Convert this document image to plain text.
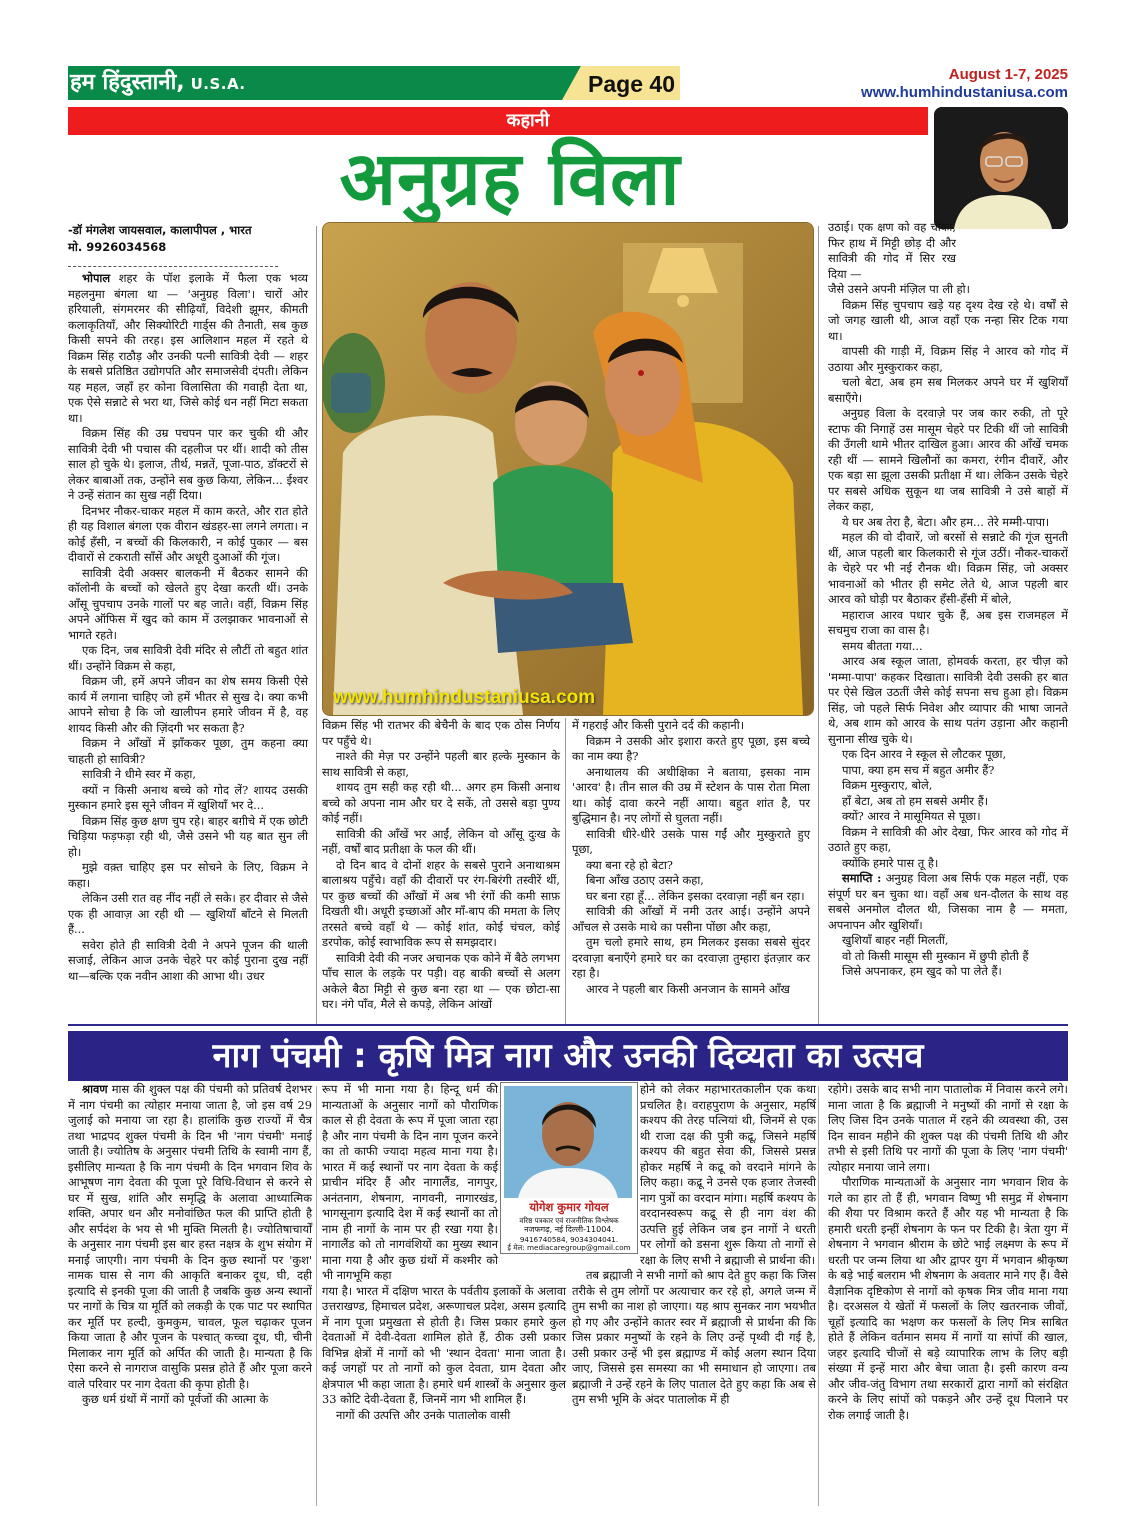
हम हिंदुस्तानी, U.S.A.	Page 40	August 1-7, 2025
www.humhindustaniusa.com
कहानी
अनुग्रह विला
-डॉ मंगलेश जायसवाल, कालापीपल , भारत
मो. 9926034568

भोपाल शहर के पॉश इलाके में फैला एक भव्य महलनुमा बंगला था — 'अनुग्रह विला'। चारों ओर हरियाली, संगमरमर की सीढ़ियाँ, विदेशी झूमर, कीमती कलाकृतियाँ, और सिक्योरिटी गार्ड्स की तैनाती, सब कुछ किसी सपने की तरह। इस आलिशान महल में रहते थे विक्रम सिंह राठौड़ और उनकी पत्नी सावित्री देवी — शहर के सबसे प्रतिष्ठित उद्योगपति और समाजसेवी दंपती। लेकिन यह महल, जहाँ हर कोना विलासिता की गवाही देता था, एक ऐसे सन्नाटे से भरा था, जिसे कोई धन नहीं मिटा सकता था।

विक्रम सिंह की उम्र पचपन पार कर चुकी थी और सावित्री देवी भी पचास की दहलीज पर थीं। शादी को तीस साल हो चुके थे। इलाज, तीर्थ, मन्नतें, पूजा-पाठ, डॉक्टरों से लेकर बाबाओं तक, उन्होंने सब कुछ किया, लेकिन... ईश्वर ने उन्हें संतान का सुख नहीं दिया।

दिनभर नौकर-चाकर महल में काम करते, और रात होते ही यह विशाल बंगला एक वीरान खंडहर-सा लगने लगता। न कोई हँसी, न बच्चों की किलकारी, न कोई पुकार — बस दीवारों से टकराती साँसें और अधूरी दुआओं की गूंज।

सावित्री देवी अक्सर बालकनी में बैठकर सामने की कॉलोनी के बच्चों को खेलते हुए देखा करती थीं। उनके आँसू चुपचाप उनके गालों पर बह जाते। वहीं, विक्रम सिंह अपने ऑफिस में खुद को काम में उलझाकर भावनाओं से भागते रहते।

एक दिन, जब सावित्री देवी मंदिर से लौटीं तो बहुत शांत थीं। उन्होंने विक्रम से कहा,

विक्रम जी, हमें अपने जीवन का शेष समय किसी ऐसे कार्य में लगाना चाहिए जो हमें भीतर से सुख दे। क्या कभी आपने सोचा है कि जो खालीपन हमारे जीवन में है, वह शायद किसी और की ज़िंदगी भर सकता है?

विक्रम ने आँखों में झाँककर पूछा, तुम कहना क्या चाहती हो सावित्री?

सावित्री ने धीमे स्वर में कहा,

क्यों न किसी अनाथ बच्चे को गोद लें? शायद उसकी मुस्कान हमारे इस सूने जीवन में खुशियाँ भर दे...

विक्रम सिंह कुछ क्षण चुप रहे। बाहर बग़ीचे में एक छोटी चिड़िया फड़फड़ा रही थी, जैसे उसने भी यह बात सुन ली हो।

मुझे वक़्त चाहिए इस पर सोचने के लिए, विक्रम ने कहा।

लेकिन उसी रात वह नींद नहीं ले सके। हर दीवार से जैसे एक ही आवाज़ आ रही थी — खुशियाँ बाँटने से मिलती हैं...

सवेरा होते ही सावित्री देवी ने अपने पूजन की थाली सजाई, लेकिन आज उनके चेहरे पर कोई पुराना दुख नहीं था—बल्कि एक नवीन आशा की आभा थी। उधर

www.humhindustaniusa.com

विक्रम सिंह भी रातभर की बेचैनी के बाद एक ठोस निर्णय पर पहुँचे थे।

नाश्ते की मेज़ पर उन्होंने पहली बार हल्के मुस्कान के साथ सावित्री से कहा,

शायद तुम सही कह रही थी... अगर हम किसी अनाथ बच्चे को अपना नाम और घर दे सकें, तो उससे बड़ा पुण्य कोई नहीं।

सावित्री की आँखें भर आईं, लेकिन वो आँसू दुःख के नहीं, वर्षों बाद प्रतीक्षा के फल की थीं।

दो दिन बाद वे दोनों शहर के सबसे पुराने अनाथाश्रम बालाश्रय पहुँचे। वहाँ की दीवारों पर रंग-बिरंगी तस्वीरें थीं, पर कुछ बच्चों की आँखों में अब भी रंगों की कमी साफ़ दिखती थी। अधूरी इच्छाओं और माँ-बाप की ममता के लिए तरसते बच्चे वहाँ थे — कोई शांत, कोई चंचल, कोई डरपोक, कोई स्वाभाविक रूप से समझदार।

सावित्री देवी की नजर अचानक एक कोने में बैठे लगभग पाँच साल के लड़के पर पड़ी। वह बाकी बच्चों से अलग अकेले बैठा मिट्टी से कुछ बना रहा था — एक छोटा-सा घर। नंगे पाँव, मैले से कपड़े, लेकिन आंखों

में गहराई और किसी पुराने दर्द की कहानी।

विक्रम ने उसकी ओर इशारा करते हुए पूछा, इस बच्चे का नाम क्या है?

अनाथालय की अधीक्षिका ने बताया, इसका नाम 'आरव' है। तीन साल की उम्र में स्टेशन के पास रोता मिला था। कोई दावा करने नहीं आया। बहुत शांत है, पर बुद्धिमान है। नए लोगों से घुलता नहीं।

सावित्री धीरे-धीरे उसके पास गईं और मुस्कुराते हुए पूछा,

क्या बना रहे हो बेटा?

बिना आँख उठाए उसने कहा,

घर बना रहा हूँ... लेकिन इसका दरवाज़ा नहीं बन रहा।

सावित्री की आँखों में नमी उतर आई। उन्होंने अपने आँचल से उसके माथे का पसीना पोंछा और कहा,

तुम चलो हमारे साथ, हम मिलकर इसका सबसे सुंदर दरवाज़ा बनाएँगे हमारे घर का दरवाज़ा तुम्हारा इंतज़ार कर रहा है।

आरव ने पहली बार किसी अनजान के सामने आँख

उठाई। एक क्षण को वह चौंका, फिर हाथ में मिट्टी छोड़ दी और सावित्री की गोद में सिर रख दिया —

जैसे उसने अपनी मंज़िल पा ली हो।

विक्रम सिंह चुपचाप खड़े यह दृश्य देख रहे थे। वर्षों से जो जगह खाली थी, आज वहाँ एक नन्हा सिर टिक गया था।

वापसी की गाड़ी में, विक्रम सिंह ने आरव को गोद में उठाया और मुस्कुराकर कहा,

चलो बेटा, अब हम सब मिलकर अपने घर में खुशियाँ बसाएँगे।

अनुग्रह विला के दरवाज़े पर जब कार रुकी, तो पूरे स्टाफ की निगाहें उस मासूम चेहरे पर टिकी थीं जो सावित्री की उँगली थामे भीतर दाखिल हुआ। आरव की आँखें चमक रही थीं — सामने खिलौनों का कमरा, रंगीन दीवारें, और एक बड़ा सा झूला उसकी प्रतीक्षा में था। लेकिन उसके चेहरे पर सबसे अधिक सुकून था जब सावित्री ने उसे बाहों में लेकर कहा,

ये घर अब तेरा है, बेटा। और हम... तेरे मम्मी-पापा।

महल की वो दीवारें, जो बरसों से सन्नाटे की गूंज सुनती थीं, आज पहली बार किलकारी से गूंज उठीं। नौकर-चाकरों के चेहरे पर भी नई रौनक थी। विक्रम सिंह, जो अक्सर भावनाओं को भीतर ही समेट लेते थे, आज पहली बार आरव को घोड़ी पर बैठाकर हँसी-हँसी में बोले,

महाराज आरव पधार चुके हैं, अब इस राजमहल में सचमुच राजा का वास है।

समय बीतता गया...

आरव अब स्कूल जाता, होमवर्क करता, हर चीज़ को 'मम्मा-पापा' कहकर दिखाता। सावित्री देवी उसकी हर बात पर ऐसे खिल उठतीं जैसे कोई सपना सच हुआ हो। विक्रम सिंह, जो पहले सिर्फ निवेश और व्यापार की भाषा जानते थे, अब शाम को आरव के साथ पतंग उड़ाना और कहानी सुनाना सीख चुके थे।

एक दिन आरव ने स्कूल से लौटकर पूछा,

पापा, क्या हम सच में बहुत अमीर हैं?

विक्रम मुस्कुराए, बोले,

हाँ बेटा, अब तो हम सबसे अमीर हैं।

क्यों? आरव ने मासूमियत से पूछा।

विक्रम ने सावित्री की ओर देखा, फिर आरव को गोद में उठाते हुए कहा,

क्योंकि हमारे पास तू है।

समाप्ति : अनुग्रह विला अब सिर्फ एक महल नहीं, एक संपूर्ण घर बन चुका था। वहाँ अब धन-दौलत के साथ वह सबसे अनमोल दौलत थी, जिसका नाम है — ममता, अपनापन और खुशियाँ।

खुशियाँ बाहर नहीं मिलतीं,

वो तो किसी मासूम सी मुस्कान में छुपी होती हैं

जिसे अपनाकर, हम खुद को पा लेते हैं।

नाग पंचमी : कृषि मित्र नाग और उनकी दिव्यता का उत्सव

श्रावण मास की शुक्ल पक्ष की पंचमी को प्रतिवर्ष देशभर में नाग पंचमी का त्योहार मनाया जाता है, जो इस वर्ष 29 जुलाई को मनाया जा रहा है। हालांकि कुछ राज्यों में चैत्र तथा भाद्रपद शुक्ल पंचमी के दिन भी 'नाग पंचमी' मनाई जाती है। ज्योतिष के अनुसार पंचमी तिथि के स्वामी नाग हैं, इसीलिए मान्यता है कि नाग पंचमी के दिन भगवान शिव के आभूषण नाग देवता की पूजा पूरे विधि-विधान से करने से घर में सुख, शांति और समृद्धि के अलावा आध्यात्मिक शक्ति, अपार धन और मनोवांछित फल की प्राप्ति होती है और सर्पदंश के भय से भी मुक्ति मिलती है। ज्योतिषाचार्यों के अनुसार नाग पंचमी इस बार हस्त नक्षत्र के शुभ संयोग में मनाई जाएगी। नाग पंचमी के दिन कुछ स्थानों पर 'कुश' नामक घास से नाग की आकृति बनाकर दूध, घी, दही इत्यादि से इनकी पूजा की जाती है जबकि कुछ अन्य स्थानों पर नागों के चित्र या मूर्ति को लकड़ी के एक पाट पर स्थापित कर मूर्ति पर हल्दी, कुमकुम, चावल, फूल चढ़ाकर पूजन किया जाता है और पूजन के पश्चात् कच्चा दूध, घी, चीनी मिलाकर नाग मूर्ति को अर्पित की जाती है। मान्यता है कि ऐसा करने से नागराज वासुकि प्रसन्न होते हैं और पूजा करने वाले परिवार पर नाग देवता की कृपा होती है।

कुछ धर्म ग्रंथों में नागों को पूर्वजों की आत्मा के

रूप में भी माना गया है। हिन्दू धर्म की मान्यताओं के अनुसार नागों को पौराणिक काल से ही देवता के रूप में पूजा जाता रहा है और नाग पंचमी के दिन नाग पूजन करने का तो काफी ज्यादा महत्व माना गया है। भारत में कई स्थानों पर नाग देवता के कई प्राचीन मंदिर हैं और नागालैंड, नागपुर, अनंतनाग, शेषनाग, नागवनी, नागारखंड, भागसूनाग इत्यादि देश में कई स्थानों का तो नाम ही नागों के नाम पर ही रखा गया है। नागालैंड को तो नागवंशियों का मुख्य स्थान माना गया है और कुछ ग्रंथों में कश्मीर को भी नागभूमि कहा

गया है। भारत में दक्षिण भारत के पर्वतीय इलाकों के अलावा उत्तराखण्ड, हिमाचल प्रदेश, अरूणाचल प्रदेश, असम इत्यादि में नाग पूजा प्रमुखता से होती है। जिस प्रकार हमारे कुल देवताओं में देवी-देवता शामिल होते हैं, ठीक उसी प्रकार विभिन्न क्षेत्रों में नागों को भी 'स्थान देवता' माना जाता है। कई जगहों पर तो नागों को कुल देवता, ग्राम देवता और क्षेत्रपाल भी कहा जाता है। हमारे धर्म शास्त्रों के अनुसार कुल 33 कोटि देवी-देवता हैं, जिनमें नाग भी शामिल हैं।

नागों की उत्पत्ति और उनके पातालोक वासी

योगेश कुमार गोयल
वरिष्ठ पत्रकार एवं राजनीतिक विश्लेषक
नजफगढ़, नई दिल्ली-11004.
9416740584, 9034304041.
ई मेल: mediacaregroup@gmail.com

होने को लेकर महाभारतकालीन एक कथा प्रचलित है। वराहपुराण के अनुसार, महर्षि कश्यप की तेरह पत्नियां थी, जिनमें से एक थी राजा दक्ष की पुत्री कद्रू, जिसने महर्षि कश्यप की बहुत सेवा की, जिससे प्रसन्न होकर महर्षि ने कद्रू को वरदाने मांगने के लिए कहा। कद्रू ने उनसे एक हजार तेजस्वी नाग पुत्रों का वरदान मांगा। महर्षि कश्यप के वरदानस्वरूप कद्रू से ही नाग वंश की उत्पत्ति हुई लेकिन जब इन नागों ने धरती पर लोगों को डसना शुरू किया तो नागों से रक्षा के लिए सभी ने ब्रह्माजी से प्रार्थना की।

तब ब्रह्माजी ने सभी नागों को श्राप देते हुए कहा कि जिस तरीके से तुम लोगों पर अत्याचार कर रहे हो, अगले जन्म में तुम सभी का नाश हो जाएगा। यह श्राप सुनकर नाग भयभीत हो गए और उन्होंने कातर स्वर में ब्रह्माजी से प्रार्थना की कि जिस प्रकार मनुष्यों के रहने के लिए उन्हें पृथ्वी दी गई है, उसी प्रकार उन्हें भी इस ब्रह्माण्ड में कोई अलग स्थान दिया जाए, जिससे इस समस्या का भी समाधान हो जाएगा। तब ब्रह्माजी ने उन्हें रहने के लिए पाताल देते हुए कहा कि अब से तुम सभी भूमि के अंदर पातालोक में ही

रहोगे। उसके बाद सभी नाग पातालोक में निवास करने लगे। माना जाता है कि ब्रह्माजी ने मनुष्यों की नागों से रक्षा के लिए जिस दिन उनके पाताल में रहने की व्यवस्था की, उस दिन सावन महीने की शुक्ल पक्ष की पंचमी तिथि थी और तभी से इसी तिथि पर नागों की पूजा के लिए 'नाग पंचमी' त्योहार मनाया जाने लगा।

पौराणिक मान्यताओं के अनुसार नाग भगवान शिव के गले का हार तो हैं ही, भगवान विष्णु भी समुद्र में शेषनाग की शैया पर विश्राम करते हैं और यह भी मान्यता है कि हमारी धरती इन्हीं शेषनाग के फन पर टिकी है। त्रेता युग में शेषनाग ने भगवान श्रीराम के छोटे भाई लक्ष्मण के रूप में धरती पर जन्म लिया था और द्वापर युग में भगवान श्रीकृष्ण के बड़े भाई बलराम भी शेषनाग के अवतार माने गए हैं। वैसे वैज्ञानिक दृष्टिकोण से नागों को कृषक मित्र जीव माना गया है। दरअसल ये खेतों में फसलों के लिए खतरनाक जीवों, चूहों इत्यादि का भक्षण कर फसलों के लिए मित्र साबित होते हैं लेकिन वर्तमान समय में नागों या सांपों की खाल, जहर इत्यादि चीजों से बड़े व्यापारिक लाभ के लिए बड़ी संख्या में इन्हें मारा और बेचा जाता है। इसी कारण वन्य और जीव-जंतु विभाग तथा सरकारों द्वारा नागों को संरक्षित करने के लिए सांपों को पकड़ने और उन्हें दूध पिलाने पर रोक लगाई जाती है।
